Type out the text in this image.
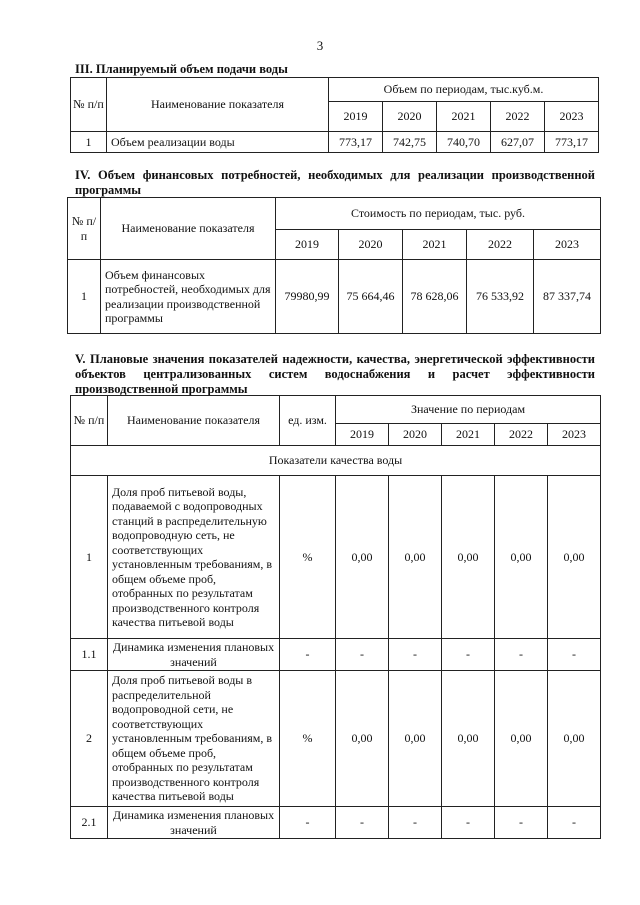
3
III. Планируемый объем подачи воды
№ п/п	Наименование показателя	Объем по периодам, тыс.куб.м.				
		2019	2020	2021	2022	2023
1	Объем реализации воды	773,17	742,75	740,70	627,07	773,17
IV. Объем финансовых потребностей, необходимых для реализации производственной программы
№ п/п	Наименование показателя	Стоимость по периодам, тыс. руб.				
		2019	2020	2021	2022	2023
1	Объем финансовых потребностей, необходимых для реализации производственной программы	79980,99	75 664,46	78 628,06	76 533,92	87 337,74
V. Плановые значения показателей надежности, качества, энергетической эффективности объектов централизованных систем водоснабжения и расчет эффективности производственной программы
№ п/п	Наименование показателя	ед. изм.	Значение по периодам				
			2019	2020	2021	2022	2023
Показатели качества воды							
1	Доля проб питьевой воды, подаваемой с водопроводных станций в распределительную водопроводную сеть, не соответствующих установленным требованиям, в общем объеме проб, отобранных по результатам производственного контроля качества питьевой воды	%	0,00	0,00	0,00	0,00	0,00
1.1	Динамика изменения плановых значений	-	-	-	-	-	-
2	Доля проб питьевой воды в распределительной водопроводной сети, не соответствующих установленным требованиям, в общем объеме проб, отобранных по результатам производственного контроля качества питьевой воды	%	0,00	0,00	0,00	0,00	0,00
2.1	Динамика изменения плановых значений	-	-	-	-	-	-
